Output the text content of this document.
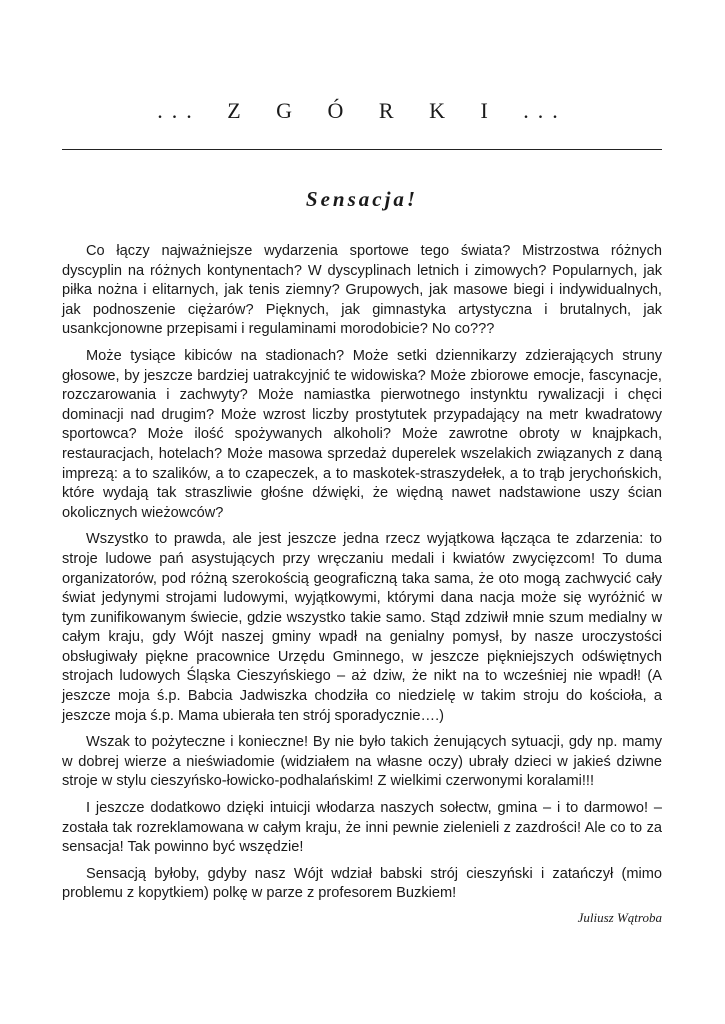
... Z G Ó R K I ...
Sensacja!

Co łączy najważniejsze wydarzenia sportowe tego świata? Mistrzostwa różnych dyscyplin na różnych kontynentach? W dyscyplinach letnich i zimowych? Popularnych, jak piłka nożna i elitarnych, jak tenis ziemny? Grupowych, jak masowe biegi i indywidualnych, jak podnoszenie ciężarów? Pięknych, jak gimnastyka artystyczna i brutalnych, jak usankcjonowne przepisami i regulaminami morodobicie? No co???

Może tysiące kibiców na stadionach? Może setki dziennikarzy zdzierających struny głosowe, by jeszcze bardziej uatrakcyjnić te widowiska? Może zbiorowe emocje, fascynacje, rozczarowania i zachwyty? Może namiastka pierwotnego instynktu rywalizacji i chęci dominacji nad drugim? Może wzrost liczby prostytutek przypadający na metr kwadratowy sportowca? Może ilość spożywanych alkoholi? Może zawrotne obroty w knajpkach, restauracjach, hotelach? Może masowa sprzedaż duperelek wszelakich związanych z daną imprezą: a to szalików, a to czapeczek, a to maskotek-straszydełek, a to trąb jerychońskich, które wydają tak straszliwie głośne dźwięki, że więdną nawet nadstawione uszy ścian okolicznych wieżowców?

Wszystko to prawda, ale jest jeszcze jedna rzecz wyjątkowa łącząca te zdarzenia: to stroje ludowe pań asystujących przy wręczaniu medali i kwiatów zwycięzcom! To duma organizatorów, pod różną szerokością geograficzną taka sama, że oto mogą zachwycić cały świat jedynymi strojami ludowymi, wyjątkowymi, którymi dana nacja może się wyróżnić w tym zunifikowanym świecie, gdzie wszystko takie samo. Stąd zdziwił mnie szum medialny w całym kraju, gdy Wójt naszej gminy wpadł na genialny pomysł, by nasze uroczystości obsługiwały piękne pracownice Urzędu Gminnego, w jeszcze piękniejszych odświętnych strojach ludowych Śląska Cieszyńskiego – aż dziw, że nikt na to wcześniej nie wpadł! (A jeszcze moja ś.p. Babcia Jadwiszka chodziła co niedzielę w takim stroju do kościoła, a jeszcze moja ś.p. Mama ubierała ten strój sporadycznie….)

Wszak to pożyteczne i konieczne! By nie było takich żenujących sytuacji, gdy np. mamy w dobrej wierze a nieświadomie (widziałem na własne oczy) ubrały dzieci w jakieś dziwne stroje w stylu cieszyńsko-łowicko-podhalańskim! Z wielkimi czerwonymi koralami!!!

I jeszcze dodatkowo dzięki intuicji włodarza naszych sołectw, gmina – i to darmowo! –została tak rozreklamowana w całym kraju, że inni pewnie zielenieli z zazdrości! Ale co to za sensacja! Tak powinno być wszędzie!

Sensacją byłoby, gdyby nasz Wójt wdział babski strój cieszyński i zatańczył (mimo problemu z kopytkiem) polkę w parze z profesorem Buzkiem!

Juliusz Wątroba
